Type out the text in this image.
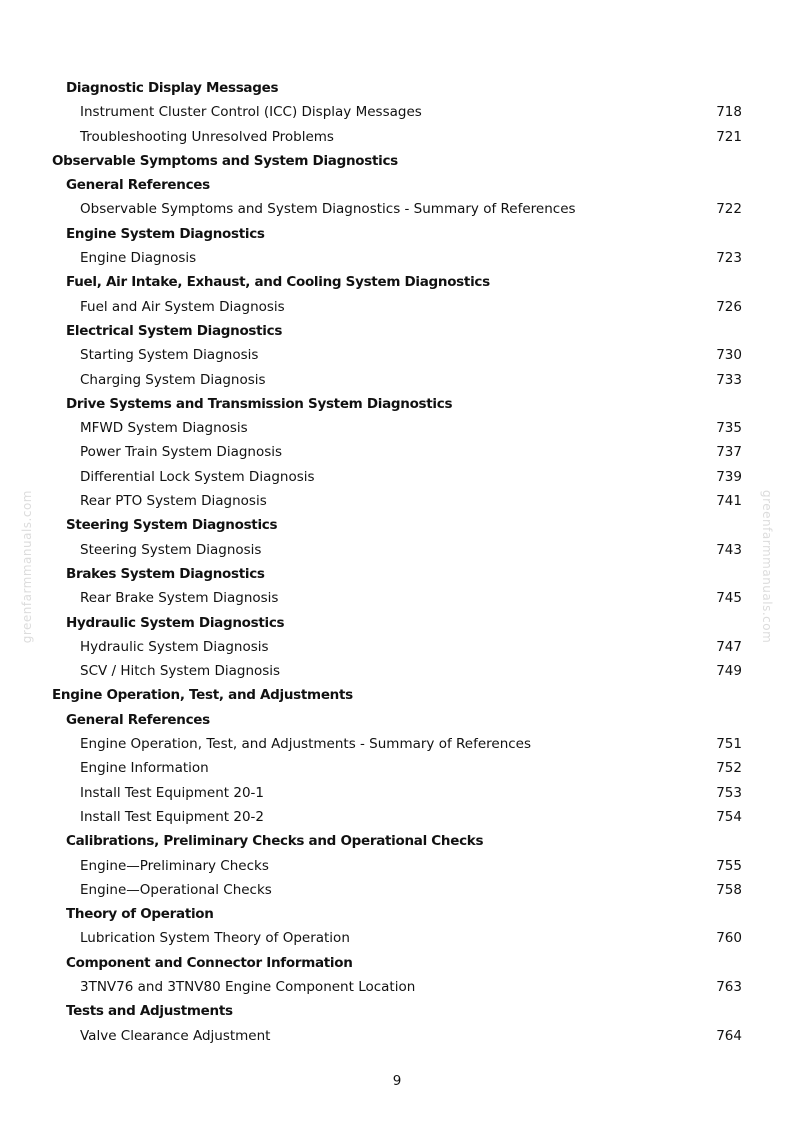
greenfarmmanuals.com	greenfarmmanuals.com
Diagnostic Display Messages
Instrument Cluster Control (ICC) Display Messages	718
Troubleshooting Unresolved Problems	721
Observable Symptoms and System Diagnostics
General References
Observable Symptoms and System Diagnostics - Summary of References	722
Engine System Diagnostics
Engine Diagnosis	723
Fuel, Air Intake, Exhaust, and Cooling System Diagnostics
Fuel and Air System Diagnosis	726
Electrical System Diagnostics
Starting System Diagnosis	730
Charging System Diagnosis	733
Drive Systems and Transmission System Diagnostics
MFWD System Diagnosis	735
Power Train System Diagnosis	737
Differential Lock System Diagnosis	739
Rear PTO System Diagnosis	741
Steering System Diagnostics
Steering System Diagnosis	743
Brakes System Diagnostics
Rear Brake System Diagnosis	745
Hydraulic System Diagnostics
Hydraulic System Diagnosis	747
SCV / Hitch System Diagnosis	749
Engine Operation, Test, and Adjustments
General References
Engine Operation, Test, and Adjustments - Summary of References	751
Engine Information	752
Install Test Equipment 20-1	753
Install Test Equipment 20-2	754
Calibrations, Preliminary Checks and Operational Checks
Engine—Preliminary Checks	755
Engine—Operational Checks	758
Theory of Operation
Lubrication System Theory of Operation	760
Component and Connector Information
3TNV76 and 3TNV80 Engine Component Location	763
Tests and Adjustments
Valve Clearance Adjustment	764
9
